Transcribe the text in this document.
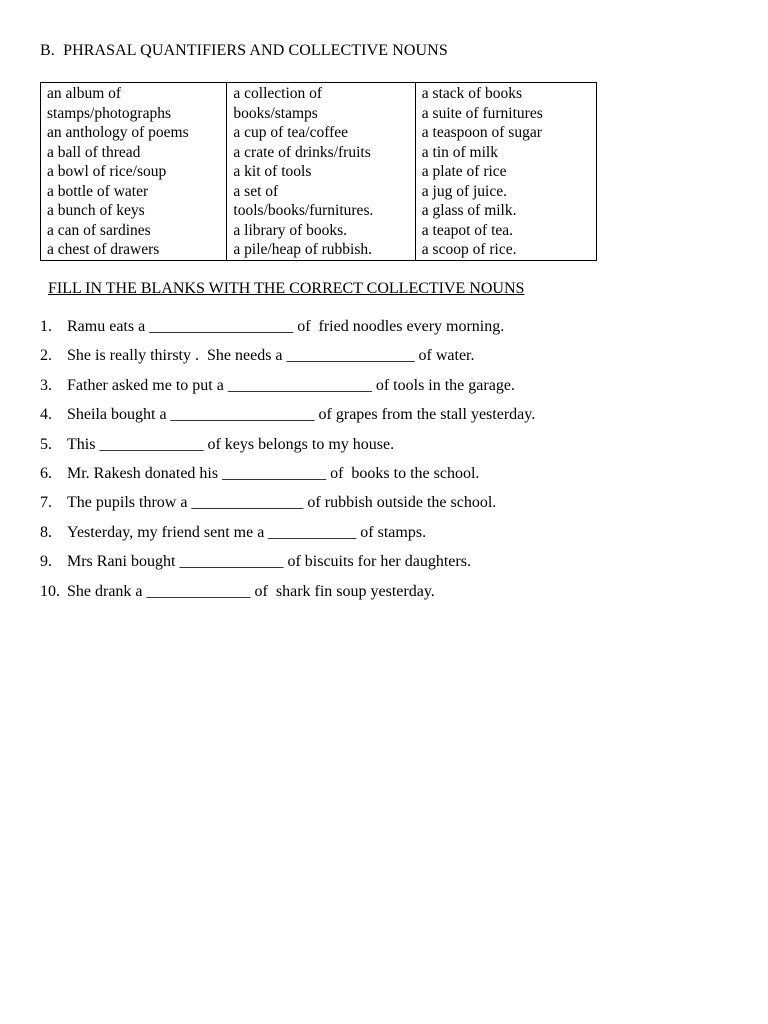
B.  PHRASAL QUANTIFIERS AND COLLECTIVE NOUNS
an album of
stamps/photographs
an anthology of poems
a ball of thread
a bowl of rice/soup
a bottle of water
a bunch of keys
a can of sardines
a chest of drawers

a collection of
books/stamps
a cup of tea/coffee
a crate of drinks/fruits
a kit of tools
a set of
tools/books/furnitures.
a library of books.
a pile/heap of rubbish.

a stack of books
a suite of furnitures
a teaspoon of sugar
a tin of milk
a plate of rice
a jug of juice.
a glass of milk.
a teapot of tea.
a scoop of rice.
FILL IN THE BLANKS WITH THE CORRECT COLLECTIVE NOUNS
1. Ramu eats a __________________ of  fried noodles every morning.
2. She is really thirsty .  She needs a ________________ of water.
3. Father asked me to put a __________________ of tools in the garage.
4. Sheila bought a __________________ of grapes from the stall yesterday.
5. This _____________ of keys belongs to my house.
6. Mr. Rakesh donated his _____________ of  books to the school.
7. The pupils throw a ______________ of rubbish outside the school.
8. Yesterday, my friend sent me a ___________ of stamps.
9. Mrs Rani bought _____________ of biscuits for her daughters.
10. She drank a _____________ of  shark fin soup yesterday.
